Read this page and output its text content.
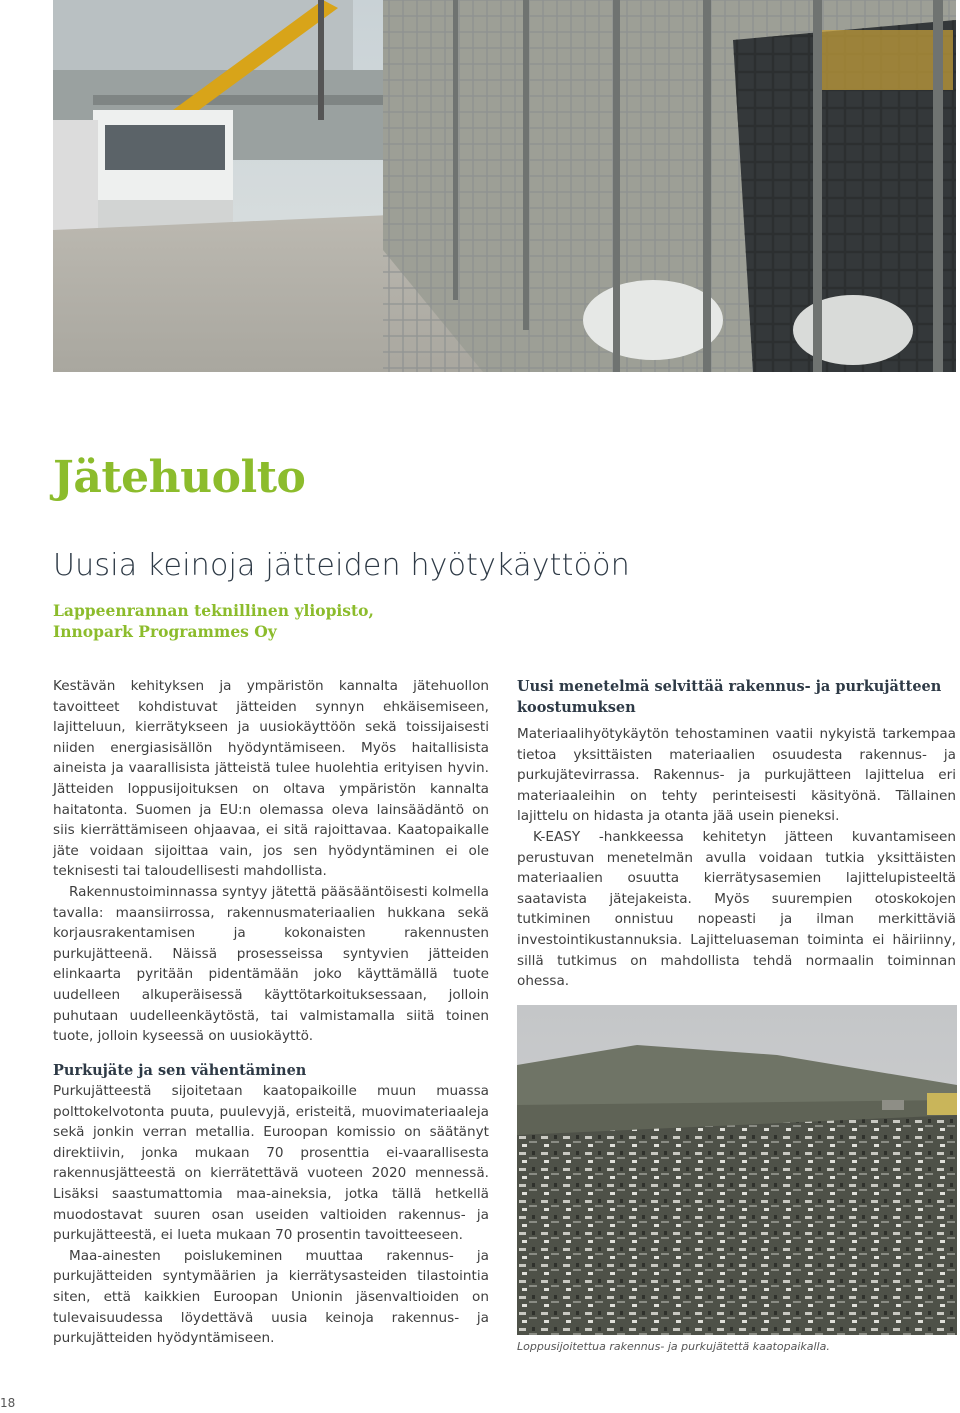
Jätehuolto
Uusia keinoja jätteiden hyötykäyttöön
Lappeenrannan teknillinen yliopisto,
Innopark Programmes Oy

Kestävän kehityksen ja ympäristön kannalta jätehuollon tavoitteet kohdistuvat jätteiden synnyn ehkäisemiseen, lajitteluun, kierrätykseen ja uusiokäyttöön sekä toissijaisesti niiden energiasisällön hyödyntämiseen. Myös haitallisista aineista ja vaarallisista jätteistä tulee huolehtia erityisen hyvin. Jätteiden loppusijoituksen on oltava ympäristön kannalta haitatonta. Suomen ja EU:n olemassa oleva lainsäädäntö on siis kierrättämiseen ohjaavaa, ei sitä rajoittavaa. Kaatopaikalle jäte voidaan sijoittaa vain, jos sen hyödyntäminen ei ole teknisesti tai taloudellisesti mahdollista.

Rakennustoiminnassa syntyy jätettä pääsääntöisesti kolmella tavalla: maansiirrossa, rakennusmateriaalien hukkana sekä korjausrakentamisen ja kokonaisten rakennusten purkujätteenä. Näissä prosesseissa syntyvien jätteiden elinkaarta pyritään pidentämään joko käyttämällä tuote uudelleen alkuperäisessä käyttötarkoituksessaan, jolloin puhutaan uudelleenkäytöstä, tai valmistamalla siitä toinen tuote, jolloin kyseessä on uusiokäyttö.

Purkujäte ja sen vähentäminen

Purkujätteestä sijoitetaan kaatopaikoille muun muassa polttokelvotonta puuta, puulevyjä, eristeitä, muovimateriaaleja sekä jonkin verran metallia. Euroopan komissio on säätänyt direktiivin, jonka mukaan 70 prosenttia ei-vaarallisesta rakennusjätteestä on kierrätettävä vuoteen 2020 mennessä. Lisäksi saastumattomia maa-aineksia, jotka tällä hetkellä muodostavat suuren osan useiden valtioiden rakennus- ja purkujätteestä, ei lueta mukaan 70 prosentin tavoitteeseen.

Maa-ainesten poislukeminen muuttaa rakennus- ja purkujätteiden syntymäärien ja kierrätysasteiden tilastointia siten, että kaikkien Euroopan Unionin jäsenvaltioiden on tulevaisuudessa löydettävä uusia keinoja rakennus- ja purkujätteiden hyödyntämiseen.

Uusi menetelmä selvittää rakennus- ja purkujätteen koostumuksen

Materiaalihyötykäytön tehostaminen vaatii nykyistä tarkempaa tietoa yksittäisten materiaalien osuudesta rakennus- ja purkujätevirrassa. Rakennus- ja purkujätteen lajittelua eri materiaaleihin on tehty perinteisesti käsityönä. Tällainen lajittelu on hidasta ja otanta jää usein pieneksi.

K-EASY -hankkeessa kehitetyn jätteen kuvantamiseen perustuvan menetelmän avulla voidaan tutkia yksittäisten materiaalien osuutta kierrätysasemien lajittelupisteeltä saatavista jätejakeista. Myös suurempien otoskokojen tutkiminen onnistuu nopeasti ja ilman merkittäviä investointikustannuksia. Lajitteluaseman toiminta ei häiriinny, sillä tutkimus on mahdollista tehdä normaalin toiminnan ohessa.

Loppusijoitettua rakennus- ja purkujätettä kaatopaikalla.
18
